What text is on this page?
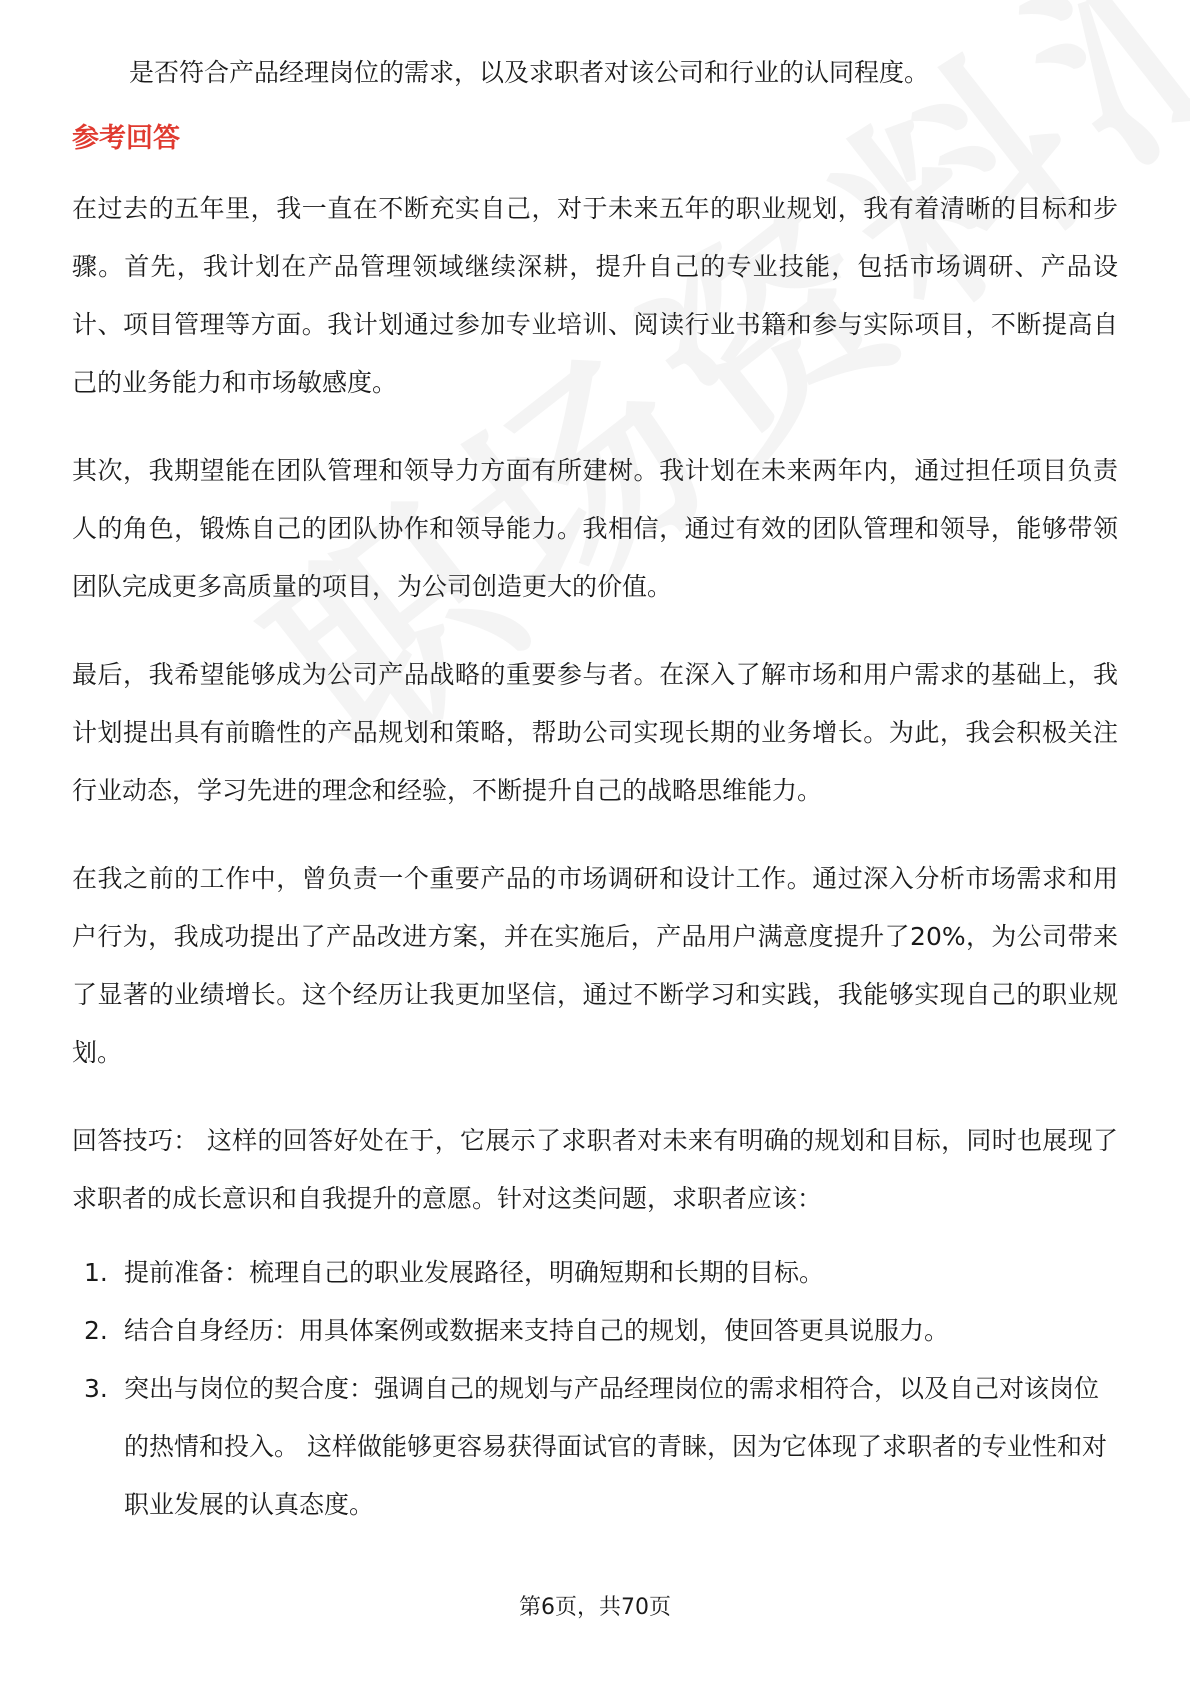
是否符合产品经理岗位的需求，以及求职者对该公司和行业的认同程度。

参考回答

在过去的五年里，我一直在不断充实自己，对于未来五年的职业规划，我有着清晰的目标和步骤。首先，我计划在产品管理领域继续深耕，提升自己的专业技能，包括市场调研、产品设计、项目管理等方面。我计划通过参加专业培训、阅读行业书籍和参与实际项目，不断提高自己的业务能力和市场敏感度。

其次，我期望能在团队管理和领导力方面有所建树。我计划在未来两年内，通过担任项目负责人的角色，锻炼自己的团队协作和领导能力。我相信，通过有效的团队管理和领导，能够带领团队完成更多高质量的项目，为公司创造更大的价值。

最后，我希望能够成为公司产品战略的重要参与者。在深入了解市场和用户需求的基础上，我计划提出具有前瞻性的产品规划和策略，帮助公司实现长期的业务增长。为此，我会积极关注行业动态，学习先进的理念和经验，不断提升自己的战略思维能力。

在我之前的工作中，曾负责一个重要产品的市场调研和设计工作。通过深入分析市场需求和用户行为，我成功提出了产品改进方案，并在实施后，产品用户满意度提升了20%，为公司带来了显著的业绩增长。这个经历让我更加坚信，通过不断学习和实践，我能够实现自己的职业规划。

回答技巧： 这样的回答好处在于，它展示了求职者对未来有明确的规划和目标，同时也展现了求职者的成长意识和自我提升的意愿。针对这类问题，求职者应该：

1. 提前准备：梳理自己的职业发展路径，明确短期和长期的目标。
2. 结合自身经历：用具体案例或数据来支持自己的规划，使回答更具说服力。
3. 突出与岗位的契合度：强调自己的规划与产品经理岗位的需求相符合，以及自己对该岗位的热情和投入。 这样做能够更容易获得面试官的青睐，因为它体现了求职者的专业性和对职业发展的认真态度。
第6页，共70页
